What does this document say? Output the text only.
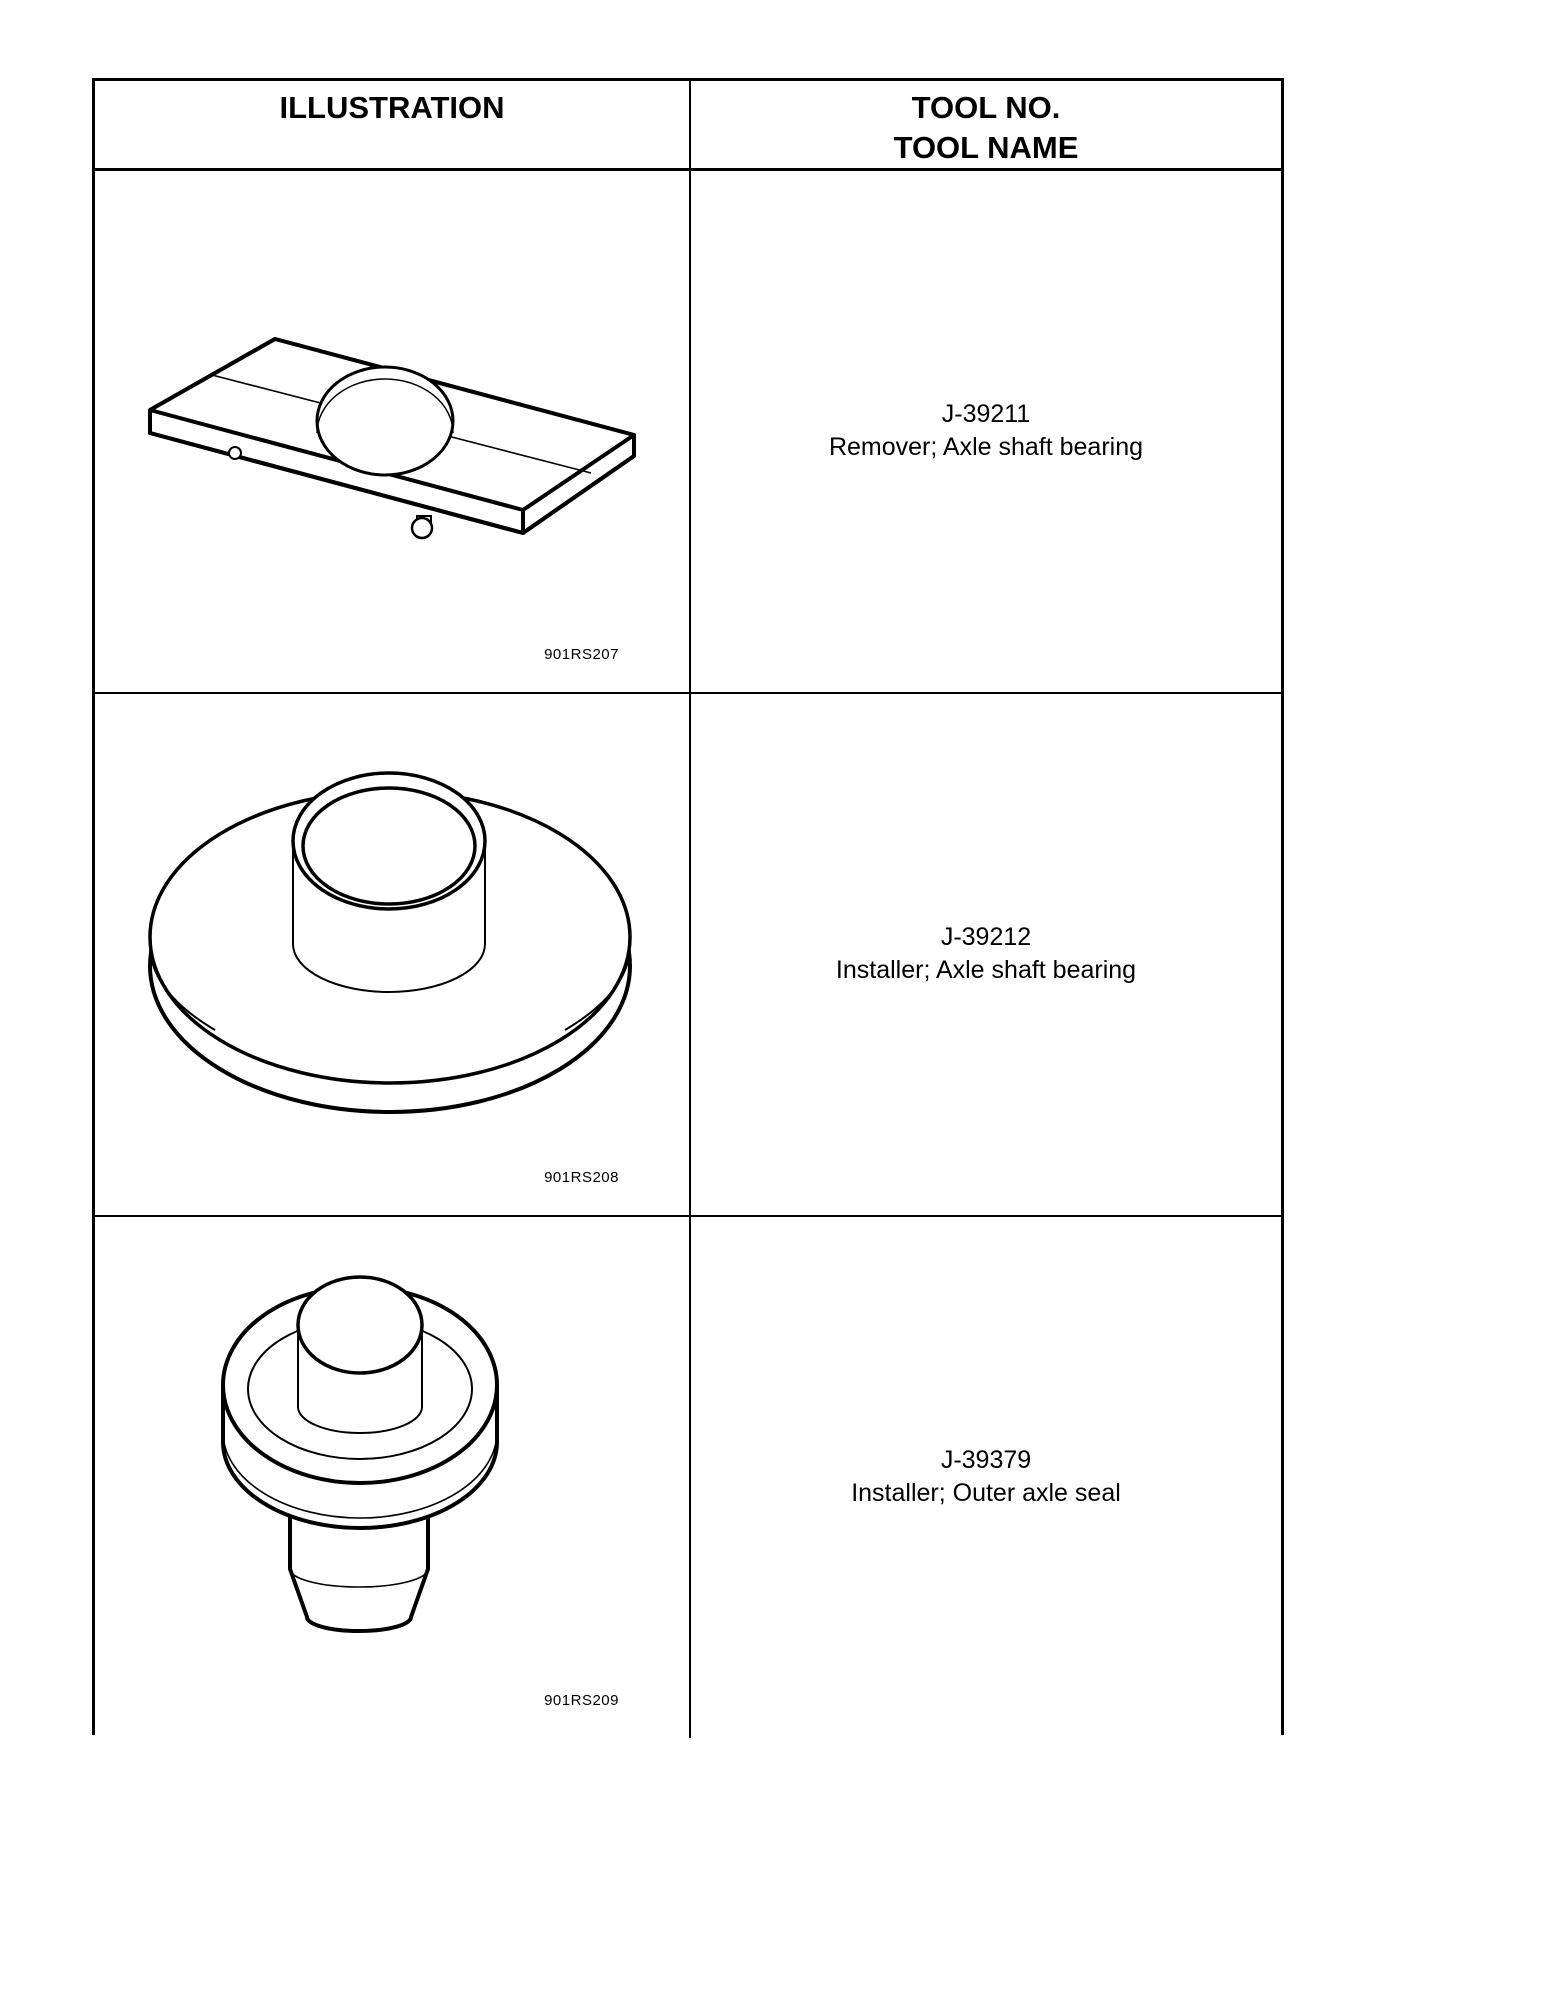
ILLUSTRATION	TOOL NO.
TOOL NAME
901RS207
J-39211
Remover; Axle shaft bearing
901RS208
J-39212
Installer; Axle shaft bearing
901RS209
J-39379
Installer; Outer axle seal
